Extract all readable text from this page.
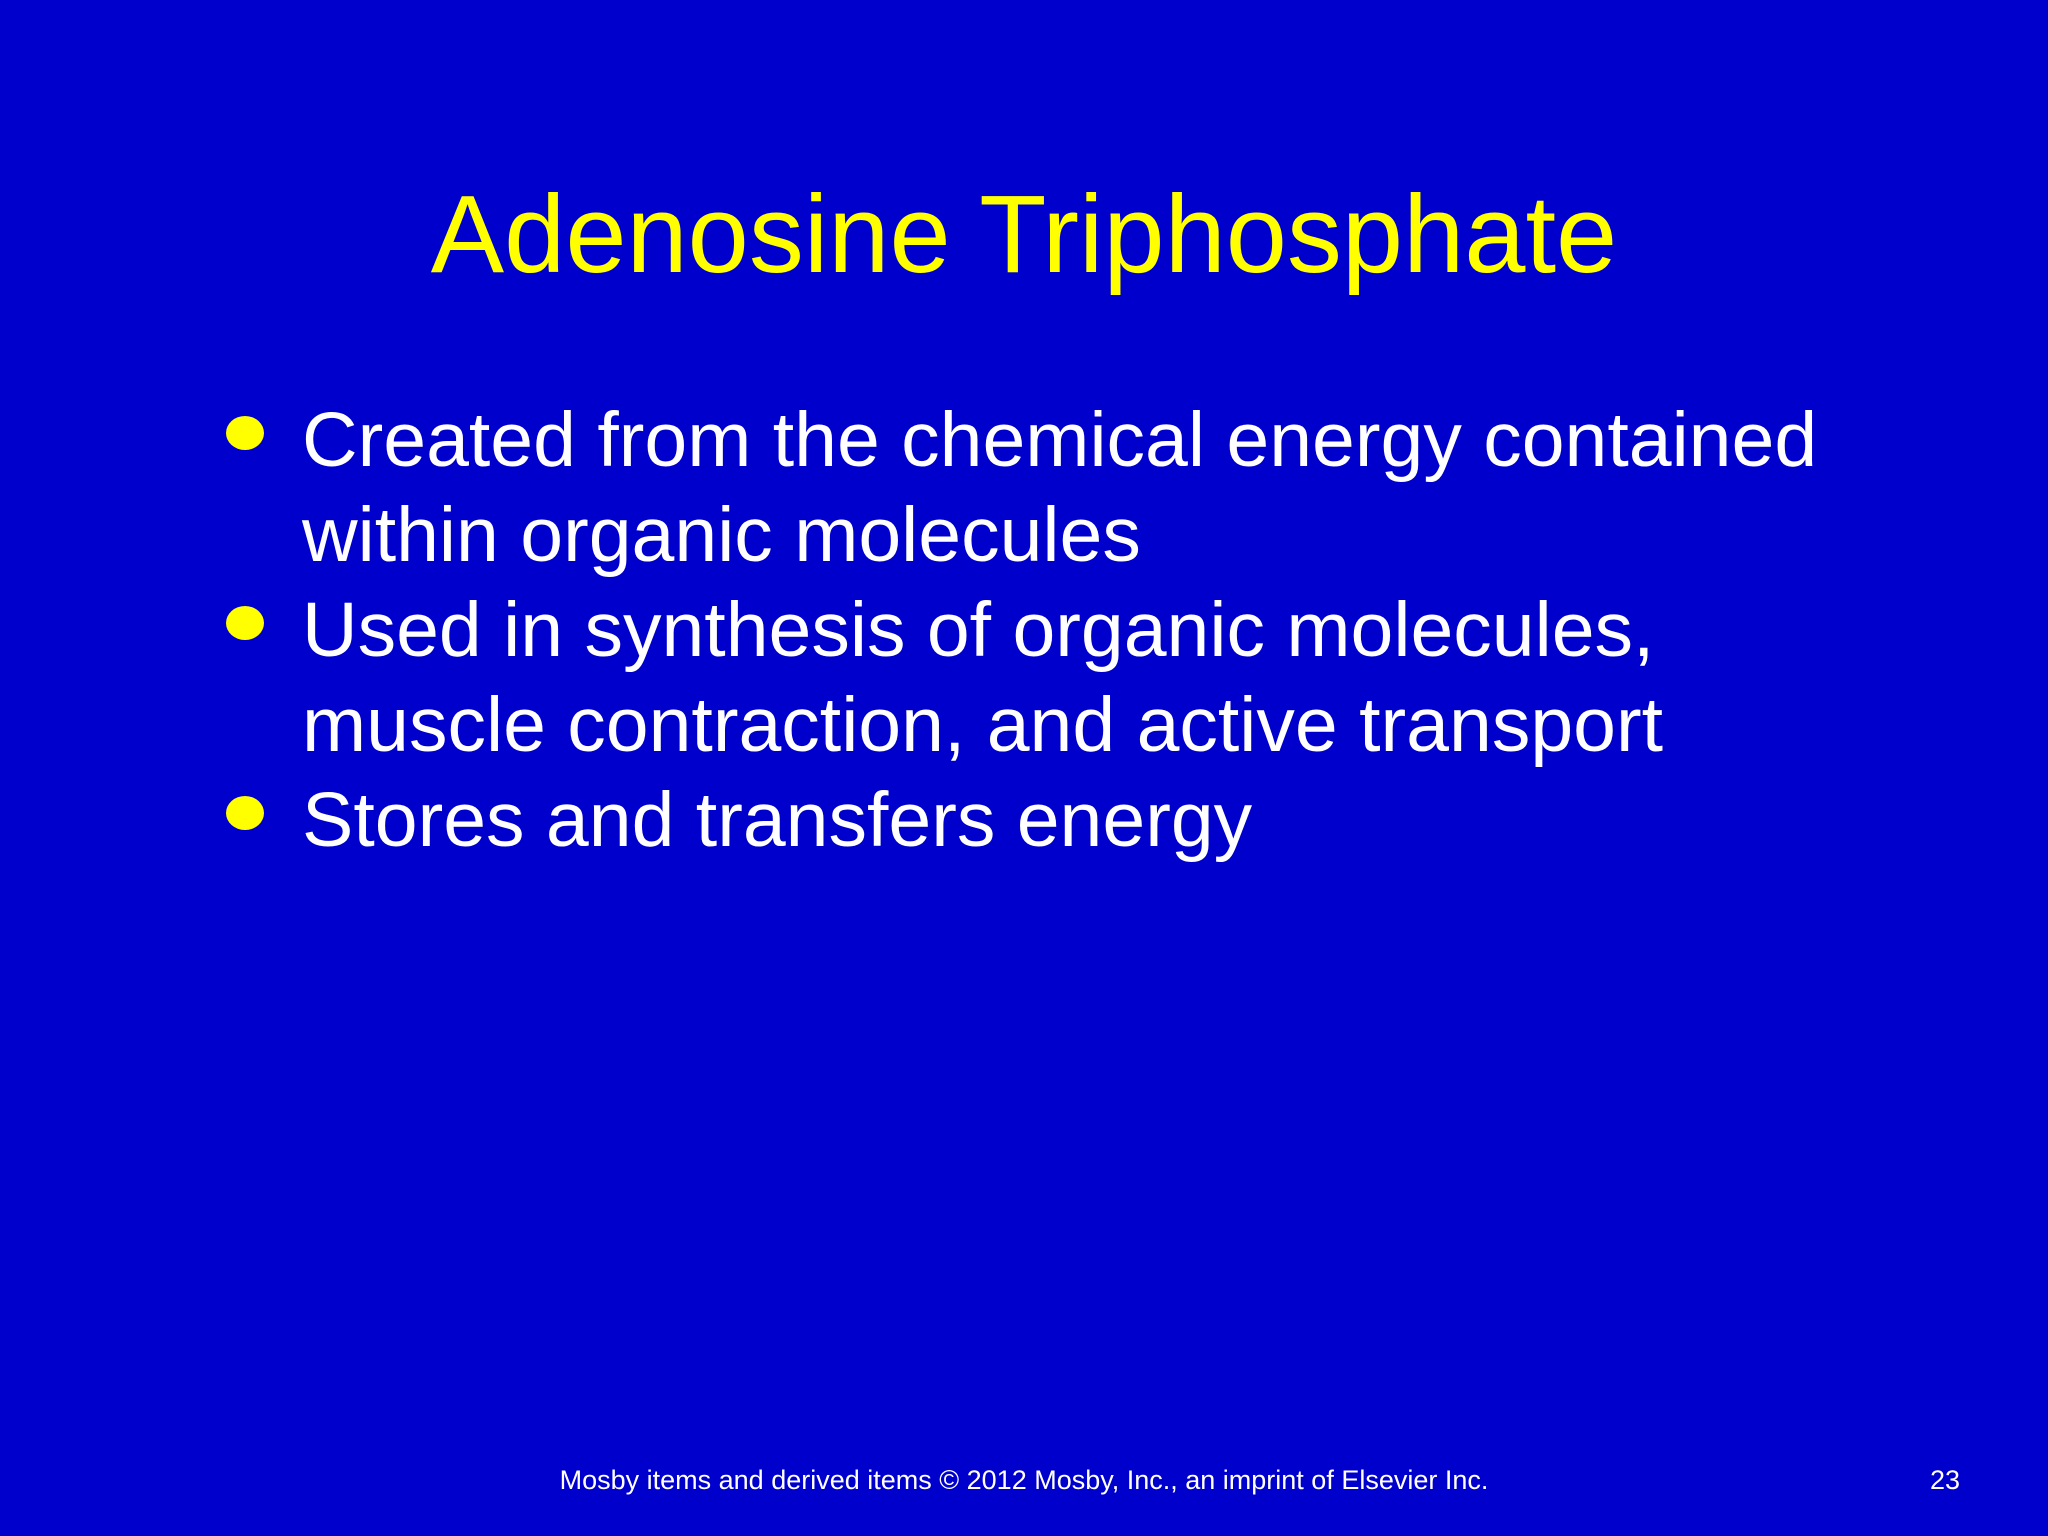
Adenosine Triphosphate
Created from the chemical energy contained within organic molecules
Used in synthesis of organic molecules, muscle contraction, and active transport
Stores and transfers energy
Mosby items and derived items © 2012 Mosby, Inc., an imprint of Elsevier Inc.	23
